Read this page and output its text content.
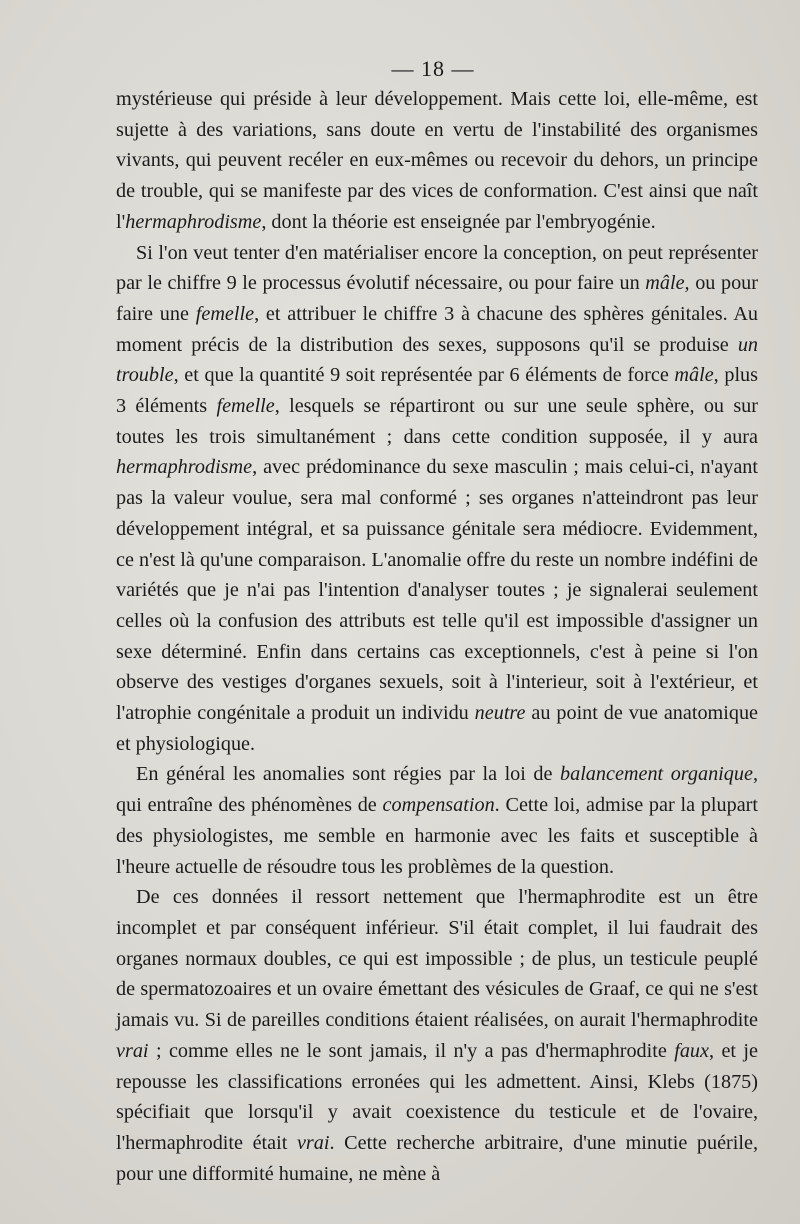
— 18 —

mystérieuse qui préside à leur développement. Mais cette loi, elle-même, est sujette à des variations, sans doute en vertu de l'instabilité des organismes vivants, qui peuvent recéler en eux-mêmes ou recevoir du dehors, un principe de trouble, qui se manifeste par des vices de conformation. C'est ainsi que naît l'hermaphrodisme, dont la théorie est enseignée par l'embryogénie.

Si l'on veut tenter d'en matérialiser encore la conception, on peut représenter par le chiffre 9 le processus évolutif nécessaire, ou pour faire un mâle, ou pour faire une femelle, et attribuer le chiffre 3 à chacune des sphères génitales. Au moment précis de la distribution des sexes, supposons qu'il se produise un trouble, et que la quantité 9 soit représentée par 6 éléments de force mâle, plus 3 éléments femelle, lesquels se répartiront ou sur une seule sphère, ou sur toutes les trois simultanément ; dans cette condition supposée, il y aura hermaphrodisme, avec prédominance du sexe masculin ; mais celui-ci, n'ayant pas la valeur voulue, sera mal conformé ; ses organes n'atteindront pas leur développement intégral, et sa puissance génitale sera médiocre. Evidemment, ce n'est là qu'une comparaison. L'anomalie offre du reste un nombre indéfini de variétés que je n'ai pas l'intention d'analyser toutes ; je signalerai seulement celles où la confusion des attributs est telle qu'il est impossible d'assigner un sexe déterminé. Enfin dans certains cas exceptionnels, c'est à peine si l'on observe des vestiges d'organes sexuels, soit à l'interieur, soit à l'extérieur, et l'atrophie congénitale a produit un individu neutre au point de vue anatomique et physiologique.

En général les anomalies sont régies par la loi de balancement organique, qui entraîne des phénomènes de compensation. Cette loi, admise par la plupart des physiologistes, me semble en harmonie avec les faits et susceptible à l'heure actuelle de résoudre tous les problèmes de la question.

De ces données il ressort nettement que l'hermaphrodite est un être incomplet et par conséquent inférieur. S'il était complet, il lui faudrait des organes normaux doubles, ce qui est impossible ; de plus, un testicule peuplé de spermatozoaires et un ovaire émettant des vésicules de Graaf, ce qui ne s'est jamais vu. Si de pareilles conditions étaient réalisées, on aurait l'hermaphrodite vrai ; comme elles ne le sont jamais, il n'y a pas d'hermaphrodite faux, et je repousse les classifications erronées qui les admettent. Ainsi, Klebs (1875) spécifiait que lorsqu'il y avait coexistence du testicule et de l'ovaire, l'hermaphrodite était vrai. Cette recherche arbitraire, d'une minutie puérile, pour une difformité humaine, ne mène à
